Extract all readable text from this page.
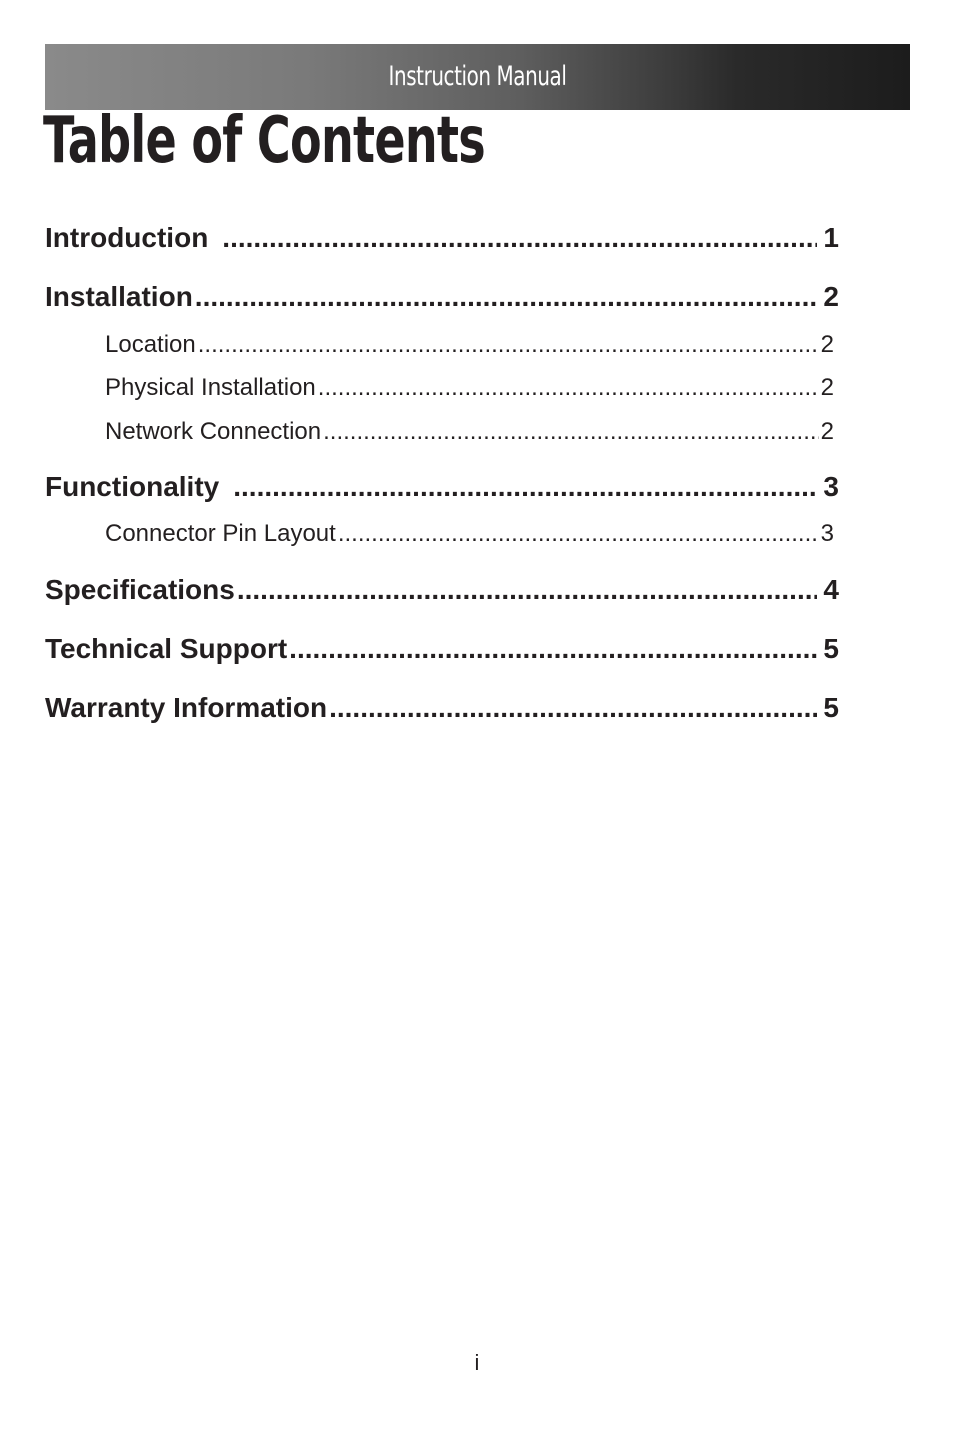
Instruction Manual
Table of Contents
Introduction .....	1
Installation .....	2
Location .....	2
Physical Installation .....	2
Network Connection .....	2
Functionality .....	3
Connector Pin Layout .....	3
Specifications .....	4
Technical Support .....	5
Warranty Information .....	5
i
